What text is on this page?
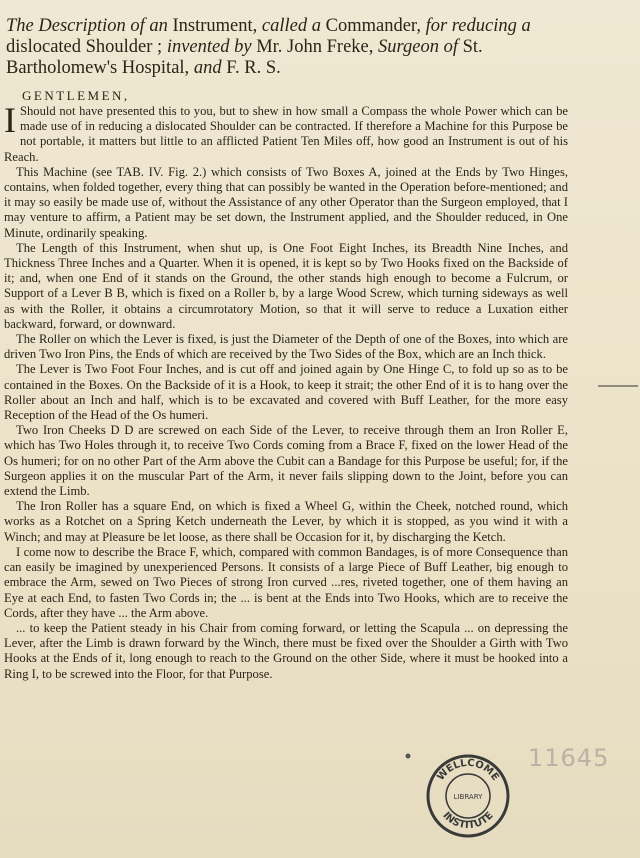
The Description of an Instrument, called a Commander, for reducing a dislocated Shoulder ; invented by Mr. John Freke, Surgeon of St. Bartholomew's Hospital, and F. R. S.
GENTLEMEN,

I Should not have presented this to you, but to shew in how small a Compass the whole Power which can be made use of in reducing a dislocated Shoulder can be contracted. If therefore a Machine for this Purpose be not portable, it matters but little to an afflicted Patient Ten Miles off, how good an Instrument is out of his Reach.

This Machine (see TAB. IV. Fig. 2.) which consists of Two Boxes A, joined at the Ends by Two Hinges, contains, when folded together, every thing that can possibly be wanted in the Operation before-mentioned; and it may so easily be made use of, without the Assistance of any other Operator than the Surgeon employed, that I may venture to affirm, a Patient may be set down, the Instrument applied, and the Shoulder reduced, in One Minute, ordinarily speaking.

The Length of this Instrument, when shut up, is One Foot Eight Inches, its Breadth Nine Inches, and Thickness Three Inches and a Quarter. When it is opened, it is kept so by Two Hooks fixed on the Backside of it; and, when one End of it stands on the Ground, the other stands high enough to become a Fulcrum, or Support of a Lever B B, which is fixed on a Roller b, by a large Wood Screw, which turning sideways as well as with the Roller, it obtains a circumrotatory Motion, so that it will serve to reduce a Luxation either backward, forward, or downward.

The Roller on which the Lever is fixed, is just the Diameter of the Depth of one of the Boxes, into which are driven Two Iron Pins, the Ends of which are received by the Two Sides of the Box, which are an Inch thick.

The Lever is Two Foot Four Inches, and is cut off and joined again by One Hinge C, to fold up so as to be contained in the Boxes. On the Backside of it is a Hook, to keep it strait; the other End of it is to hang over the Roller about an Inch and half, which is to be excavated and covered with Buff Leather, for the more easy Reception of the Head of the Os humeri.

Two Iron Cheeks D D are screwed on each Side of the Lever, to receive through them an Iron Roller E, which has Two Holes through it, to receive Two Cords coming from a Brace F, fixed on the lower Head of the Os humeri; for on no other Part of the Arm above the Cubit can a Bandage for this Purpose be useful; for, if the Surgeon applies it on the muscular Part of the Arm, it never fails slipping down to the Joint, before you can extend the Limb.

The Iron Roller has a square End, on which is fixed a Wheel G, within the Cheek, notched round, which works as a Rotchet on a Spring Ketch underneath the Lever, by which it is stopped, as you wind it with a Winch; and may at Pleasure be let loose, as there shall be Occasion for it, by discharging the Ketch.

I come now to describe the Brace F, which, compared with common Bandages, is of more Consequence than can easily be imagined by unexperienced Persons. It consists of a large Piece of Buff Leather, big enough to embrace the Arm, sewed on Two Pieces of strong Iron curved ...res, riveted together, one of them having an Eye at each End, to fasten Two Cords in; the ... is bent at the Ends into Two Hooks, which are to receive the Cords, after they have ... the Arm above.

... to keep the Patient steady in his Chair from coming forward, or letting the Scapula ... on depressing the Lever, after the Limb is drawn forward by the Winch, there must be fixed over the Shoulder a Girth with Two Hooks at the Ends of it, long enough to reach to the Ground on the other Side, where it must be hooked into a Ring I, to be screwed into the Floor, for that Purpose.

WELLCOME
LIBRARY
INSTITUTE
11645
